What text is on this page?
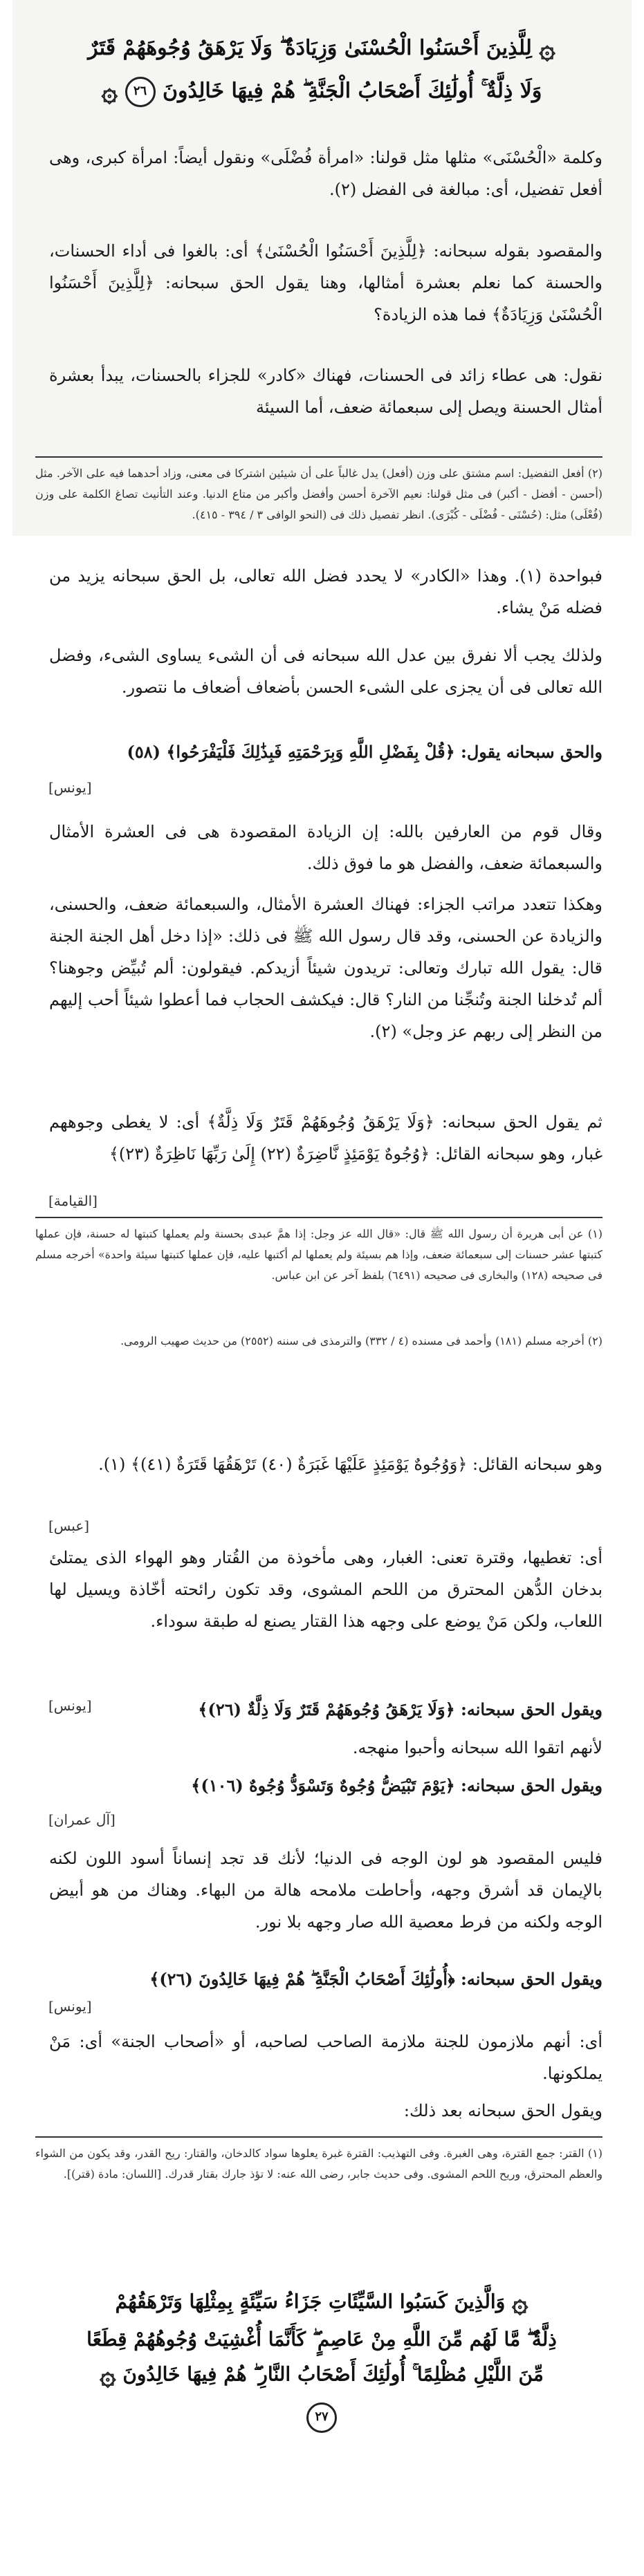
۞ لِلَّذِينَ أَحْسَنُوا الْحُسْنَىٰ وَزِيَادَةٌ ۖ وَلَا يَرْهَقُ وُجُوهَهُمْ قَتَرٌ
وَلَا ذِلَّةٌ ۚ أُولَٰئِكَ أَصْحَابُ الْجَنَّةِ ۖ هُمْ فِيهَا خَالِدُونَ ٢٦ ۞

وكلمة «الْحُسْنَى» مثلها مثل قولنا: «امرأة فُضْلَى» ونقول أيضاً: امرأة كبرى، وهى أفعل تفضيل، أى: مبالغة فى الفضل (٢).

والمقصود بقوله سبحانه: ﴿لِلَّذِينَ أَحْسَنُوا الْحُسْنَىٰ﴾ أى: بالغوا فى أداء الحسنات، والحسنة كما نعلم بعشرة أمثالها، وهنا يقول الحق سبحانه: ﴿لِلَّذِينَ أَحْسَنُوا الْحُسْنَىٰ وَزِيَادَةٌ﴾ فما هذه الزيادة؟

نقول: هى عطاء زائد فى الحسنات، فهناك «كادر» للجزاء بالحسنات، يبدأ بعشرة أمثال الحسنة ويصل إلى سبعمائة ضعف، أما السيئة

(٢) أفعل التفضيل: اسم مشتق على وزن (أفعل) يدل غالباً على أن شيئين اشتركا فى معنى، وزاد أحدهما فيه على الآخر. مثل (أحسن - أفضل - أكبر) فى مثل قولنا: نعيم الآخرة أحسن وأفضل وأكبر من متاع الدنيا. وعند التأنيث تصاغ الكلمة على وزن (فُعْلَى) مثل: (حُسْنَى - فُضْلَى - كُبْرَى). انظر تفصيل ذلك فى (النحو الوافى ٣ / ٣٩٤ - ٤١٥).

فبواحدة (١). وهذا «الكادر» لا يحدد فضل الله تعالى، بل الحق سبحانه يزيد من فضله مَنْ يشاء.

ولذلك يجب ألا نفرق بين عدل الله سبحانه فى أن الشىء يساوى الشىء، وفضل الله تعالى فى أن يجزى على الشىء الحسن بأضعاف أضعاف ما نتصور.

والحق سبحانه يقول: ﴿قُلْ بِفَضْلِ اللَّهِ وَبِرَحْمَتِهِ فَبِذَٰلِكَ فَلْيَفْرَحُوا﴾ (٥٨)

[يونس]

وقال قوم من العارفين بالله: إن الزيادة المقصودة هى فى العشرة الأمثال والسبعمائة ضعف، والفضل هو ما فوق ذلك.

وهكذا تتعدد مراتب الجزاء: فهناك العشرة الأمثال، والسبعمائة ضعف، والحسنى، والزيادة عن الحسنى، وقد قال رسول الله ﷺ فى ذلك: «إذا دخل أهل الجنة الجنة قال: يقول الله تبارك وتعالى: تريدون شيئاً أزيدكم. فيقولون: ألم تُبيِّض وجوهنا؟ ألم تُدخلنا الجنة وتُنجِّنا من النار؟ قال: فيكشف الحجاب فما أعطوا شيئاً أحب إليهم من النظر إلى ربهم عز وجل» (٢).

ثم يقول الحق سبحانه: ﴿وَلَا يَرْهَقُ وُجُوهَهُمْ قَتَرٌ وَلَا ذِلَّةٌ﴾ أى: لا يغطى وجوههم غبار، وهو سبحانه القائل: ﴿وُجُوهٌ يَوْمَئِذٍ نَّاضِرَةٌ (٢٢) إِلَىٰ رَبِّهَا نَاظِرَةٌ (٢٣)﴾

[القيامة]

(١) عن أبى هريرة أن رسول الله ﷺ قال: «قال الله عز وجل: إذا همَّ عبدى بحسنة ولم يعملها كتبتها له حسنة، فإن عملها كتبتها عشر حسنات إلى سبعمائة ضعف، وإذا هم بسيئة ولم يعملها لم أكتبها عليه، فإن عملها كتبتها سيئة واحدة» أخرجه مسلم فى صحيحه (١٢٨) والبخارى فى صحيحه (٦٤٩١) بلفظ آخر عن ابن عباس.

(٢) أخرجه مسلم (١٨١) وأحمد فى مسنده (٤ / ٣٣٢) والترمذى فى سننه (٢٥٥٢) من حديث صهيب الرومى.

وهو سبحانه القائل: ﴿وَوُجُوهٌ يَوْمَئِذٍ عَلَيْهَا غَبَرَةٌ (٤٠) تَرْهَقُهَا قَتَرَةٌ (٤١)﴾ (١).

[عبس]

أى: تغطيها، وقترة تعنى: الغبار، وهى مأخوذة من القُتار وهو الهواء الذى يمتلئ بدخان الدُّهن المحترق من اللحم المشوى، وقد تكون رائحته أخّاذة ويسيل لها اللعاب، ولكن مَنْ يوضع على وجهه هذا القتار يصنع له طبقة سوداء.

ويقول الحق سبحانه: ﴿وَلَا يَرْهَقُ وُجُوهَهُمْ قَتَرٌ وَلَا ذِلَّةٌ (٢٦)﴾

[يونس]

لأنهم اتقوا الله سبحانه وأحبوا منهجه.

ويقول الحق سبحانه: ﴿يَوْمَ تَبْيَضُّ وُجُوهٌ وَتَسْوَدُّ وُجُوهٌ (١٠٦)﴾

[آل عمران]

فليس المقصود هو لون الوجه فى الدنيا؛ لأنك قد تجد إنساناً أسود اللون لكنه بالإيمان قد أشرق وجهه، وأحاطت ملامحه هالة من البهاء. وهناك من هو أبيض الوجه ولكنه من فرط معصية الله صار وجهه بلا نور.

ويقول الحق سبحانه: ﴿أُولَٰئِكَ أَصْحَابُ الْجَنَّةِ ۖ هُمْ فِيهَا خَالِدُونَ (٢٦)﴾

[يونس]

أى: أنهم ملازمون للجنة ملازمة الصاحب لصاحبه، أو «أصحاب الجنة» أى: مَنْ يملكونها.

ويقول الحق سبحانه بعد ذلك:

(١) القتر: جمع القترة، وهى الغبرة. وفى التهذيب: القترة غبرة يعلوها سواد كالدخان، والقتار: ريح القدر، وقد يكون من الشواء والعظم المحترق، وريح اللحم المشوى. وفى حديث جابر، رضى الله عنه: لا تؤذ جارك بقتار قدرك. [اللسان: مادة (قتر)].

۞ وَالَّذِينَ كَسَبُوا السَّيِّئَاتِ جَزَاءُ سَيِّئَةٍ بِمِثْلِهَا وَتَرْهَقُهُمْ
ذِلَّةٌ ۖ مَّا لَهُم مِّنَ اللَّهِ مِنْ عَاصِمٍ ۖ كَأَنَّمَا أُغْشِيَتْ وُجُوهُهُمْ قِطَعًا
مِّنَ اللَّيْلِ مُظْلِمًا ۚ أُولَٰئِكَ أَصْحَابُ النَّارِ ۖ هُمْ فِيهَا خَالِدُونَ ۞
٢٧
